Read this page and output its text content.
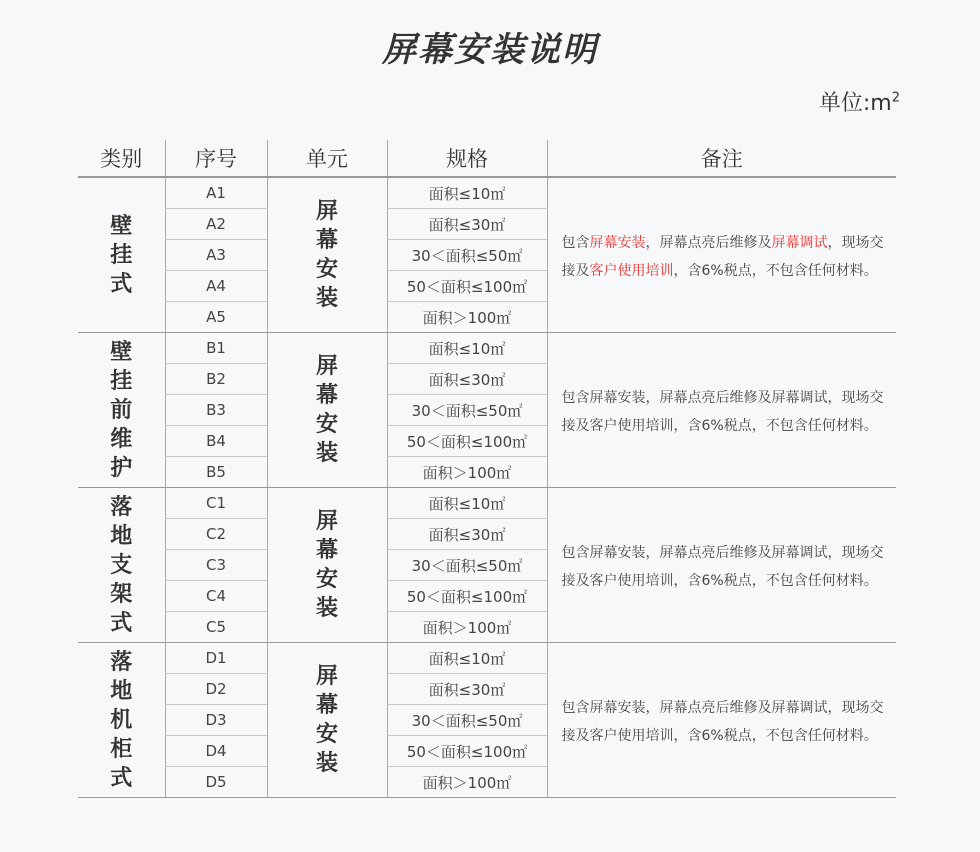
屏幕安装说明
单位$:m^2$
类别	序号	单元	规格	备注
壁挂式	A1	屏幕安装	面积≤10㎡	包含屏幕安装，屏幕点亮后维修及屏幕调试，现场交接及客户使用培训，含6%税点，不包含任何材料。

	A2		面积≤30㎡	
	A3		30＜面积≤50㎡	
	A4		50＜面积≤100㎡	
	A5		面积＞100㎡	
壁挂前维护	B1	屏幕安装	面积≤10㎡	包含屏幕安装，屏幕点亮后维修及屏幕调试，现场交接及客户使用培训，含6%税点，不包含任何材料。

	B2		面积≤30㎡	
	B3		30＜面积≤50㎡	
	B4		50＜面积≤100㎡	
	B5		面积＞100㎡	
落地支架式	C1	屏幕安装	面积≤10㎡	包含屏幕安装，屏幕点亮后维修及屏幕调试，现场交接及客户使用培训，含6%税点，不包含任何材料。

	C2		面积≤30㎡	
	C3		30＜面积≤50㎡	
	C4		50＜面积≤100㎡	
	C5		面积＞100㎡	
落地机柜式	D1	屏幕安装	面积≤10㎡	包含屏幕安装，屏幕点亮后维修及屏幕调试，现场交接及客户使用培训，含6%税点，不包含任何材料。

	D2		面积≤30㎡	
	D3		30＜面积≤50㎡	
	D4		50＜面积≤100㎡	
	D5		面积＞100㎡	
